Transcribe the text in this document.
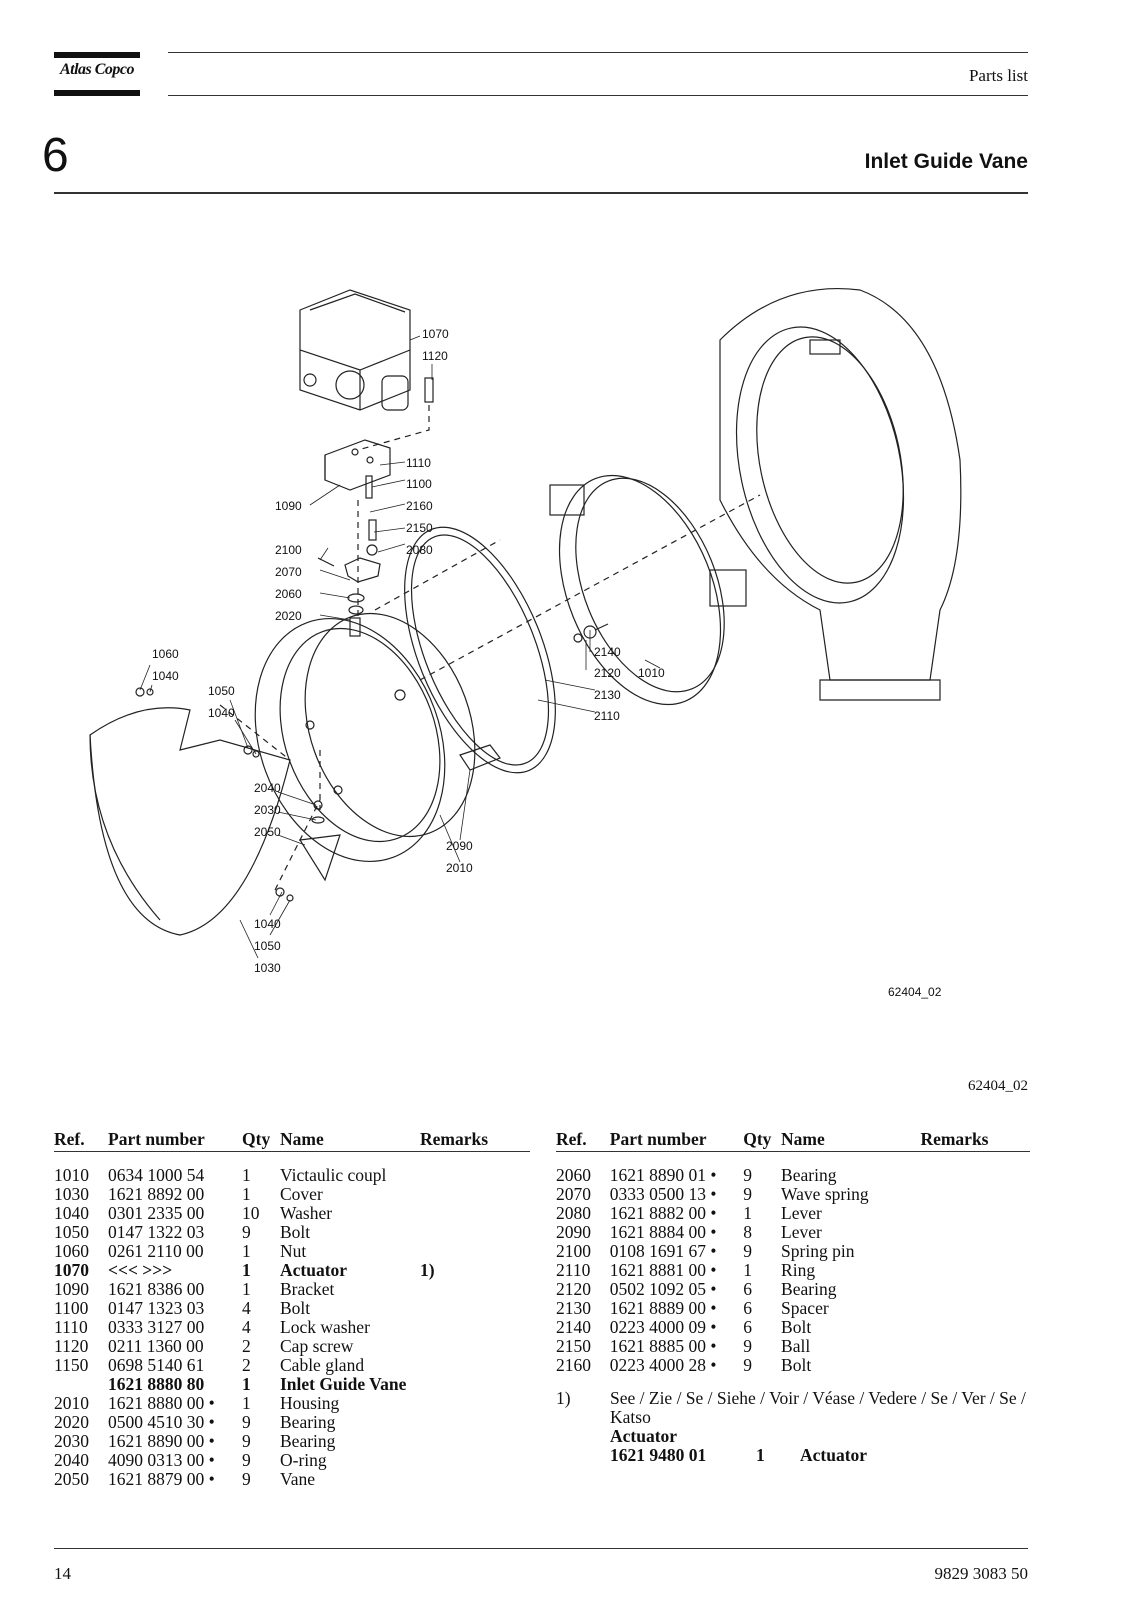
Atlas Copco	Parts list
6	Inlet Guide Vane
1070
1120
1110
1100
1090	2160
2150
2100	2080
2070
2060
2020
1060
1040
1050
1040
2140
2120 1010
2130
2110
2040
2030
2050
2090
2010
1040
1050
1030
62404_02
62404_02
Ref.	Part number	Qty Name	Remarks
1010	0634 1000 54	1	Victaulic coupl
1030	1621 8892 00	1	Cover
1040	0301 2335 00	10	Washer
1050	0147 1322 03	9	Bolt
1060	0261 2110 00	1	Nut
1070	<<< >>>	1	Actuator	1)
1090	1621 8386 00	1	Bracket
1100	0147 1323 03	4	Bolt
1110	0333 3127 00	4	Lock washer
1120	0211 1360 00	2	Cap screw
1150	0698 5140 61	2	Cable gland
1621 8880 80	1	Inlet Guide Vane
2010	1621 8880 00 •	1	Housing
2020	0500 4510 30 •	9	Bearing
2030	1621 8890 00 •	9	Bearing
2040	4090 0313 00 •	9	O-ring
2050	1621 8879 00 •	9	Vane
Ref.	Part number	Qty Name	Remarks
2060	1621 8890 01 •	9	Bearing
2070	0333 0500 13 •	9	Wave spring
2080	1621 8882 00 •	1	Lever
2090	1621 8884 00 •	8	Lever
2100	0108 1691 67 •	9	Spring pin
2110	1621 8881 00 •	1	Ring
2120	0502 1092 05 •	6	Bearing
2130	1621 8889 00 •	6	Spacer
2140	0223 4000 09 •	6	Bolt
2150	1621 8885 00 •	9	Ball
2160	0223 4000 28 •	9	Bolt
1)	See / Zie / Se / Siehe / Voir / Véase / Vedere / Se / Ver / Se / Katso
Actuator
1621 9480 01	1	Actuator
14	9829 3083 50
